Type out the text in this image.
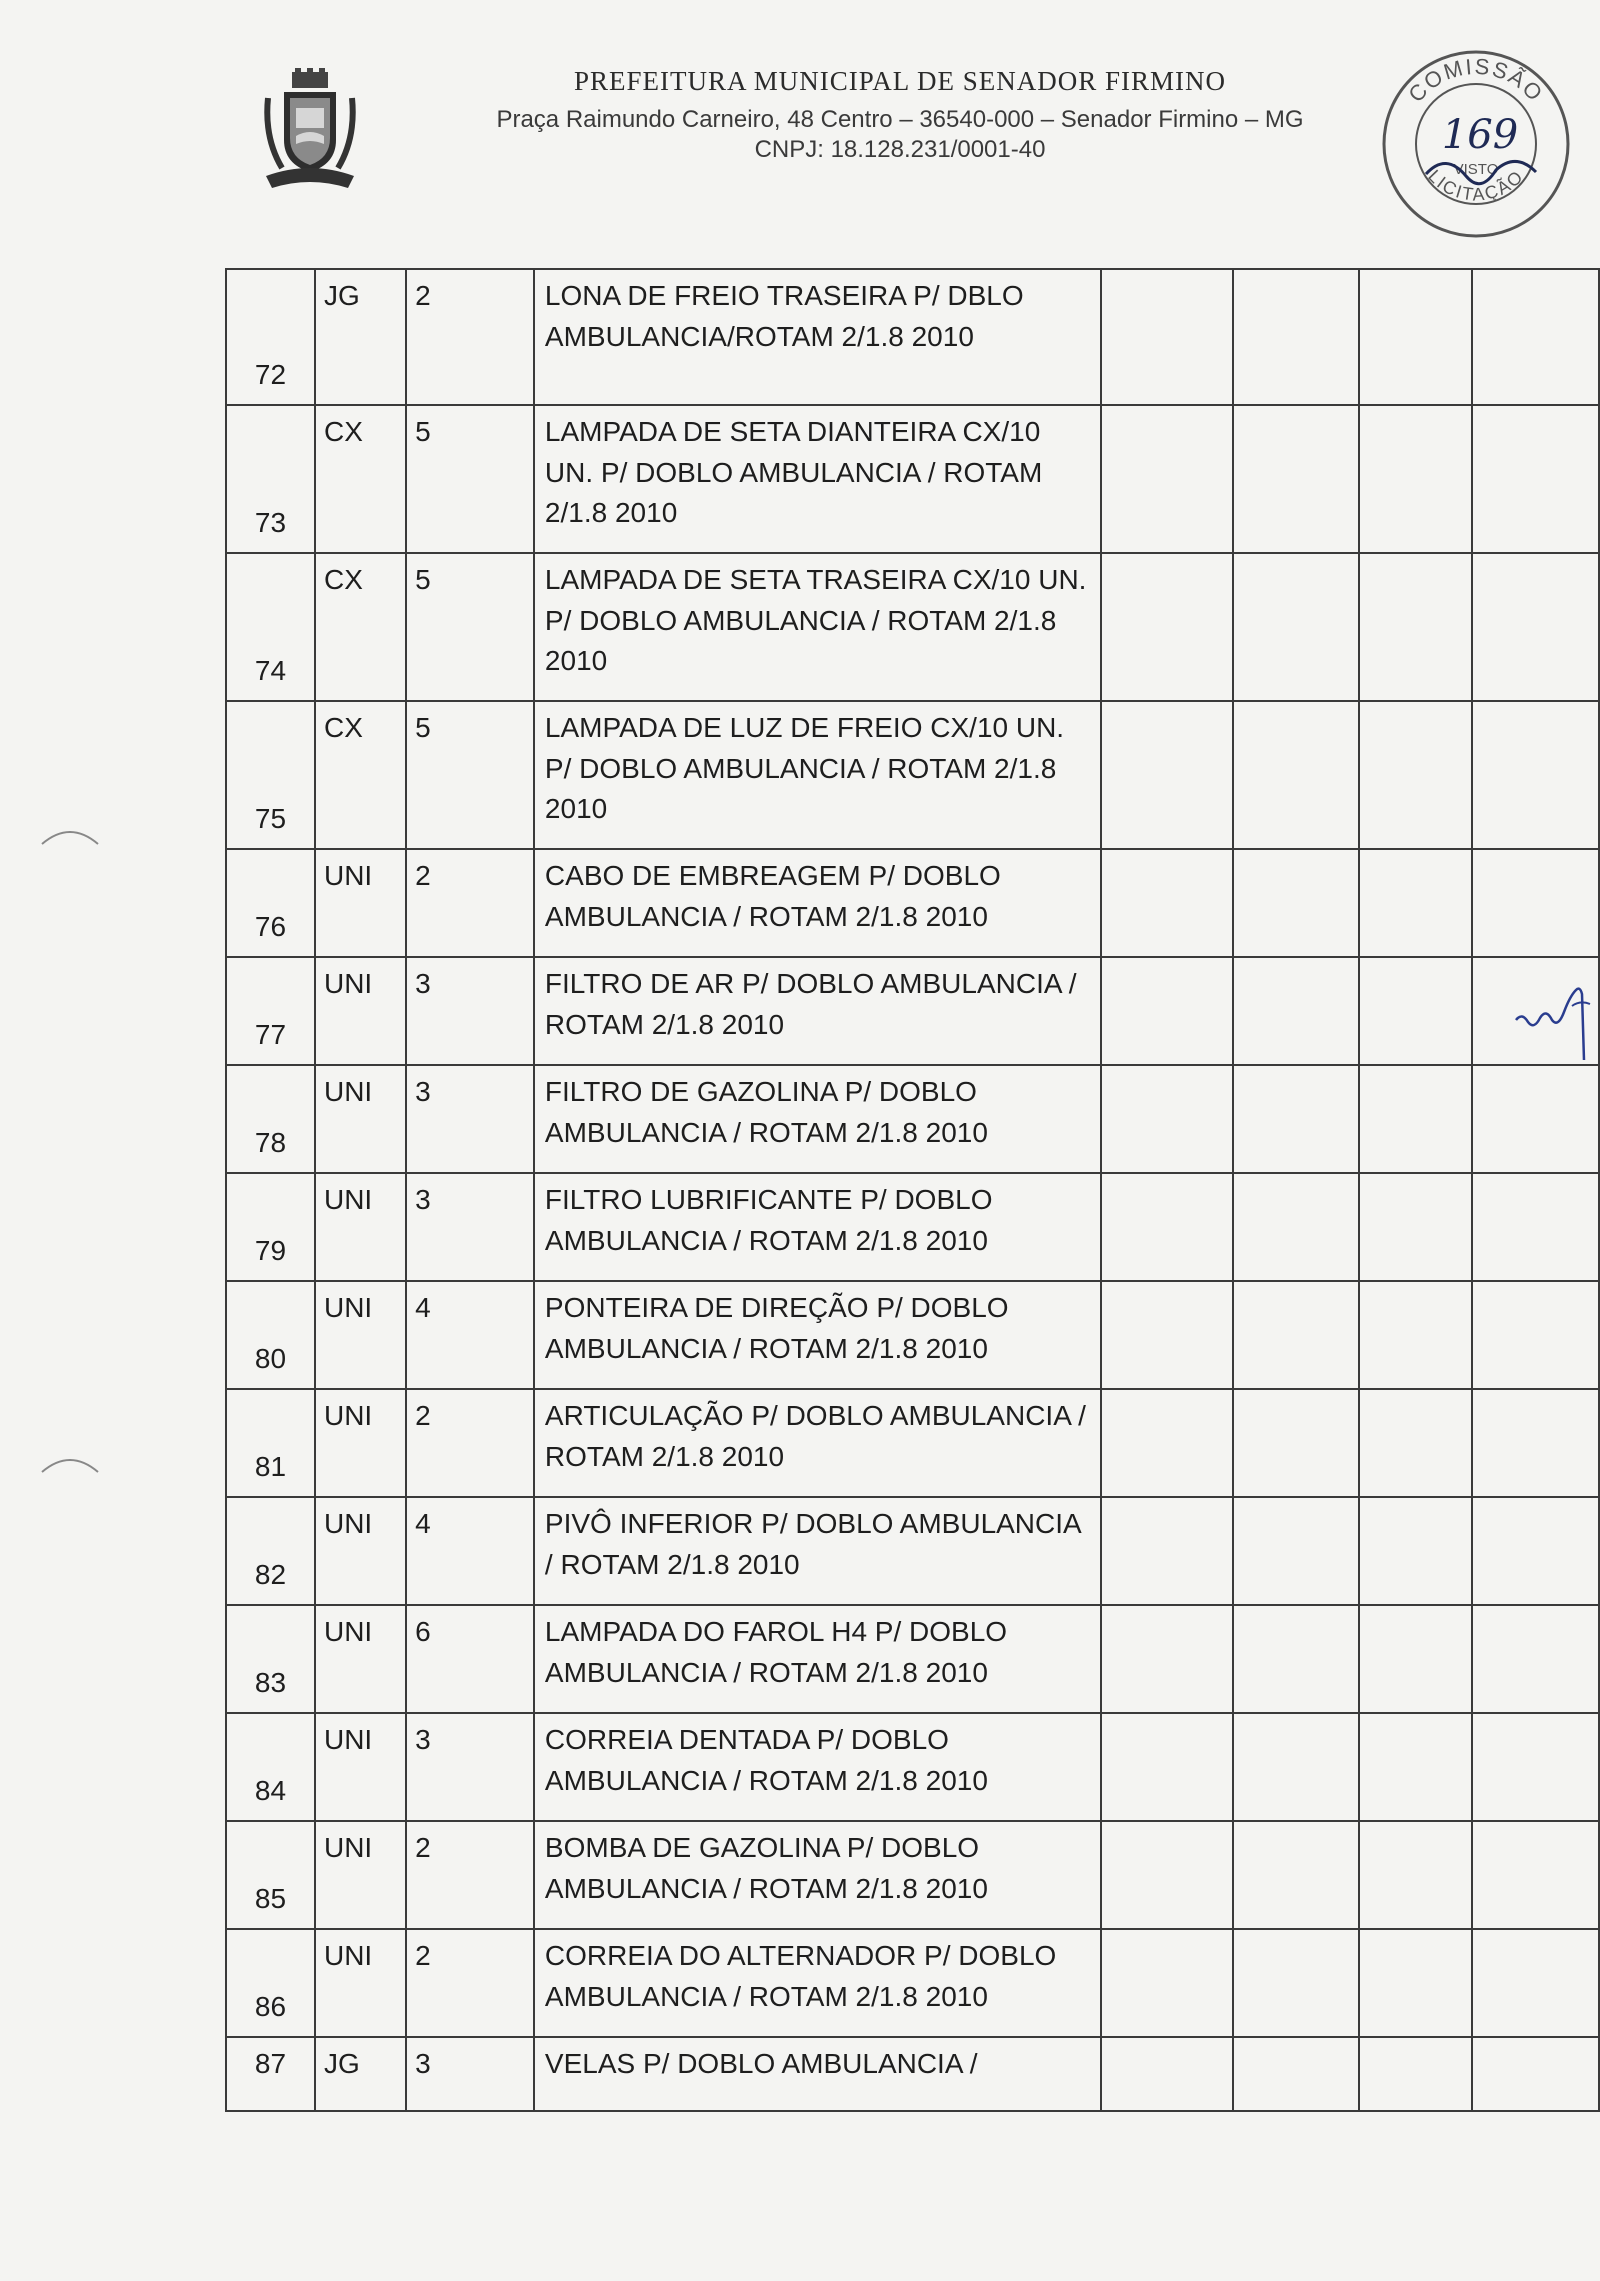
PREFEITURA MUNICIPAL DE SENADOR FIRMINO
Praça Raimundo Carneiro, 48 Centro – 36540-000 – Senador Firmino – MG
CNPJ: 18.128.231/0001-40
COMISSÃO
LICITAÇÃO
169
VISTO
72	JG	2	LONA DE FREIO TRASEIRA P/ DBLO AMBULANCIA/ROTAM 2/1.8 2010				
73	CX	5	LAMPADA DE SETA DIANTEIRA CX/10 UN. P/ DOBLO AMBULANCIA / ROTAM 2/1.8 2010				
74	CX	5	LAMPADA DE SETA TRASEIRA CX/10 UN. P/ DOBLO AMBULANCIA / ROTAM 2/1.8 2010				
75	CX	5	LAMPADA DE LUZ DE FREIO CX/10 UN. P/ DOBLO AMBULANCIA / ROTAM 2/1.8 2010				
76	UNI	2	CABO DE EMBREAGEM P/ DOBLO AMBULANCIA / ROTAM 2/1.8 2010				
77	UNI	3	FILTRO DE AR P/ DOBLO AMBULANCIA / ROTAM 2/1.8 2010				
78	UNI	3	FILTRO DE GAZOLINA P/ DOBLO AMBULANCIA / ROTAM 2/1.8 2010				
79	UNI	3	FILTRO LUBRIFICANTE P/ DOBLO AMBULANCIA / ROTAM 2/1.8 2010				
80	UNI	4	PONTEIRA DE DIREÇÃO P/ DOBLO AMBULANCIA / ROTAM 2/1.8 2010				
81	UNI	2	ARTICULAÇÃO P/ DOBLO AMBULANCIA / ROTAM 2/1.8 2010				
82	UNI	4	PIVÔ INFERIOR P/ DOBLO AMBULANCIA / ROTAM 2/1.8 2010				
83	UNI	6	LAMPADA DO FAROL H4 P/ DOBLO AMBULANCIA / ROTAM 2/1.8 2010				
84	UNI	3	CORREIA DENTADA P/ DOBLO AMBULANCIA / ROTAM 2/1.8 2010				
85	UNI	2	BOMBA DE GAZOLINA P/ DOBLO AMBULANCIA / ROTAM 2/1.8 2010				
86	UNI	2	CORREIA DO ALTERNADOR P/ DOBLO AMBULANCIA / ROTAM 2/1.8 2010				
87	JG	3	VELAS P/ DOBLO AMBULANCIA /				
